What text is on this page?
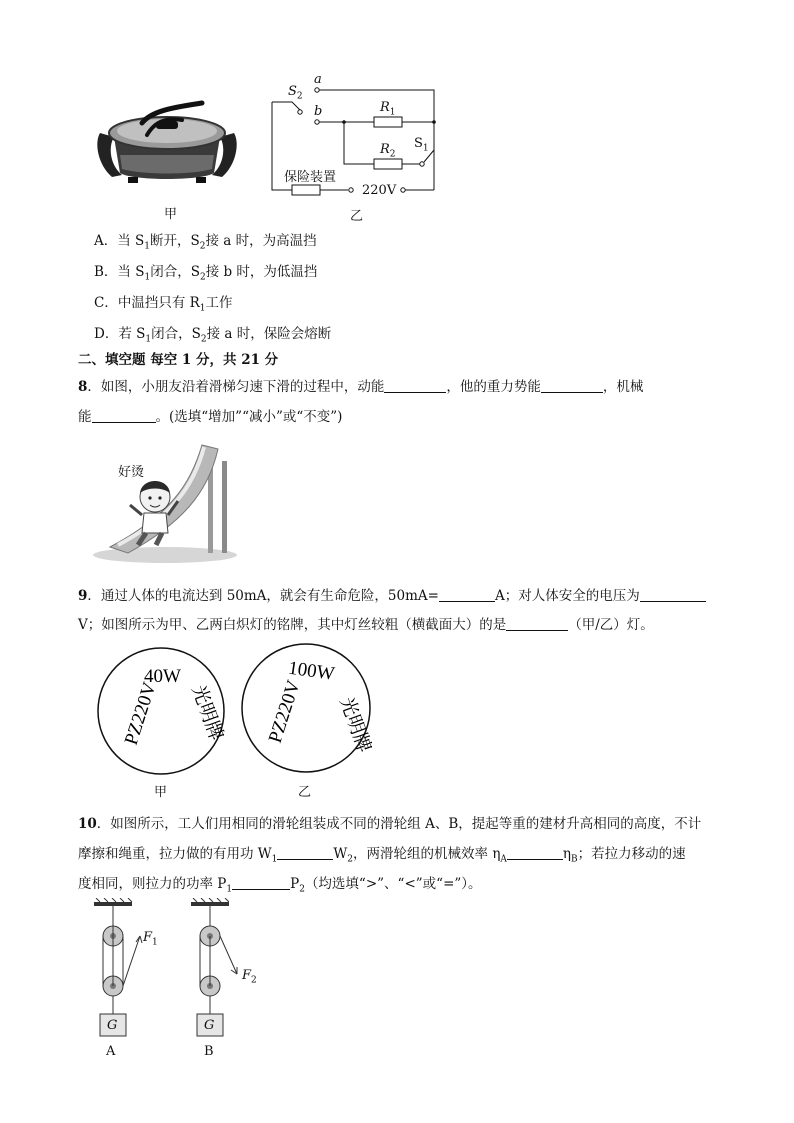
甲
$S_2$
a
b	$R_1$
$R_2$
$S_1$
保险装置
220V
乙
A．当 $S_1$断开，$S_2$接 a 时，为高温挡
B．当 $S_1$闭合，$S_2$接 b 时，为低温挡
C．中温挡只有 $R_1$工作
D．若 $S_1$闭合，$S_2$接 a 时，保险会熔断
二、填空题 每空 1 分，共 21 分
8．如图，小朋友沿着滑梯匀速下滑的过程中，动能	，他的重力势能	，机械
能	。(选填“增加”“减小”或“不变”)
好烫
9．通过人体的电流达到 50mA，就会有生命危险，50mA=	A；对人体安全的电压为
V；如图所示为甲、乙两白炽灯的铭牌，其中灯丝较粗（横截面大）的是	（甲/乙）灯。
40W
PZ220V 光明牌
甲
100W
PZ220V 光明牌
乙
10．如图所示，工人们用相同的滑轮组装成不同的滑轮组 A、B，提起等重的建材升高相同的高度，不计
摩擦和绳重，拉力做的有用功 $W_1$	$W_2$，两滑轮组的机械效率 $\eta_A$	$\eta_B$；若拉力移动的速
度相同，则拉力的功率 $P_1$	$P_2$（均选填“>”、“<”或“=”）。
$F_1$
G
A
$F_2$
G
B
